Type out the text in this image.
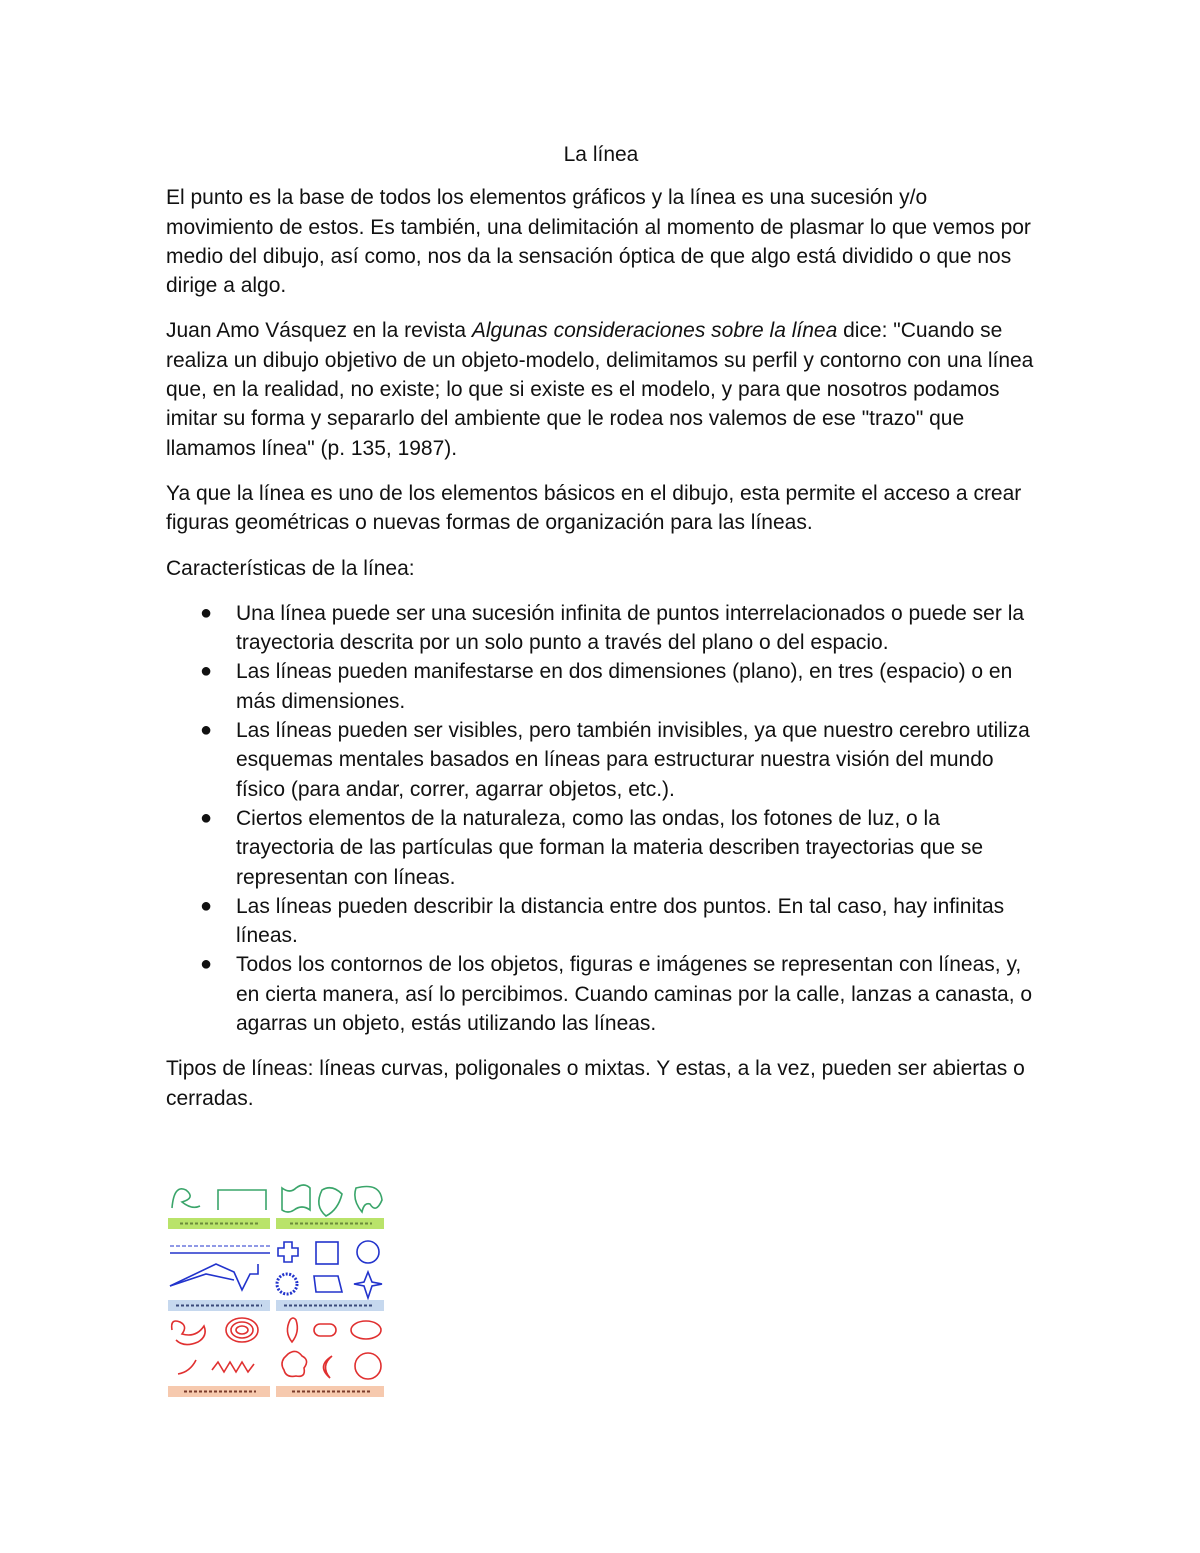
La línea

El punto es la base de todos los elementos gráficos y la línea es una sucesión y/o movimiento de estos. Es también, una delimitación al momento de plasmar lo que vemos por medio del dibujo, así como, nos da la sensación óptica de que algo está dividido o que nos dirige a algo.

Juan Amo Vásquez en la revista Algunas consideraciones sobre la línea dice: "Cuando se realiza un dibujo objetivo de un objeto-modelo, delimitamos su perfil y contorno con una línea que, en la realidad, no existe; lo que si existe es el modelo, y para que nosotros podamos imitar su forma y separarlo del ambiente que le rodea nos valemos de ese "trazo" que llamamos línea" (p. 135, 1987).

Ya que la línea es uno de los elementos básicos en el dibujo, esta permite el acceso a crear figuras geométricas o nuevas formas de organización para las líneas.

Características de la línea:

● Una línea puede ser una sucesión infinita de puntos interrelacionados o puede ser la trayectoria descrita por un solo punto a través del plano o del espacio.
● Las líneas pueden manifestarse en dos dimensiones (plano), en tres (espacio) o en más dimensiones.
● Las líneas pueden ser visibles, pero también invisibles, ya que nuestro cerebro utiliza esquemas mentales basados en líneas para estructurar nuestra visión del mundo físico (para andar, correr, agarrar objetos, etc.).
● Ciertos elementos de la naturaleza, como las ondas, los fotones de luz, o la trayectoria de las partículas que forman la materia describen trayectorias que se representan con líneas.
● Las líneas pueden describir la distancia entre dos puntos. En tal caso, hay infinitas líneas.
● Todos los contornos de los objetos, figuras e imágenes se representan con líneas, y, en cierta manera, así lo percibimos. Cuando caminas por la calle, lanzas a canasta, o agarras un objeto, estás utilizando las líneas.

Tipos de líneas: líneas curvas, poligonales o mixtas. Y estas, a la vez, pueden ser abiertas o cerradas.
